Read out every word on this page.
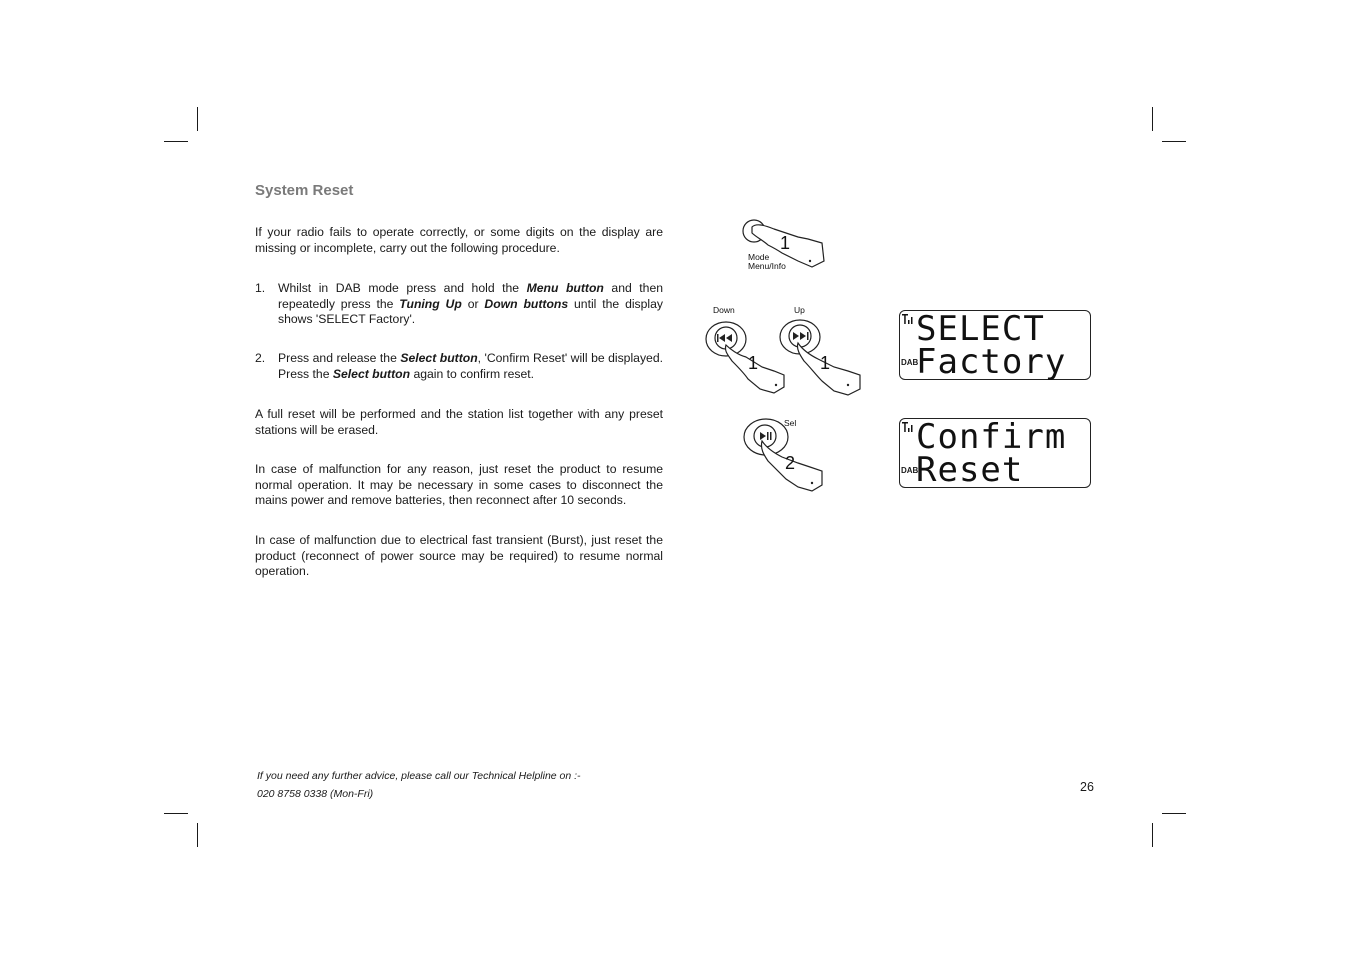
System Reset

If your radio fails to operate correctly, or some digits on the display are missing or incomplete, carry out the following procedure.

1. Whilst in DAB mode press and hold the Menu button and then repeatedly press the Tuning Up or Down buttons until the display shows 'SELECT Factory'.
2. Press and release the Select button, 'Confirm Reset' will be displayed. Press the Select button again to confirm reset.

A full reset will be performed and the station list together with any preset stations will be erased.

In case of malfunction for any reason, just reset the product to resume normal operation. It may be necessary in some cases to disconnect the mains power and remove batteries, then reconnect after 10 seconds.

In case of malfunction due to electrical fast transient (Burst), just reset the product (reconnect of power source may be required) to resume normal operation.

If you need any further advice, please call our Technical Helpline on :-
020 8758 0338 (Mon-Fri)	26
1
Mode
Menu/Info
Down
1
Up
1
Sel
2
DAB
SELECT
Factory
DAB
Confirm
Reset
